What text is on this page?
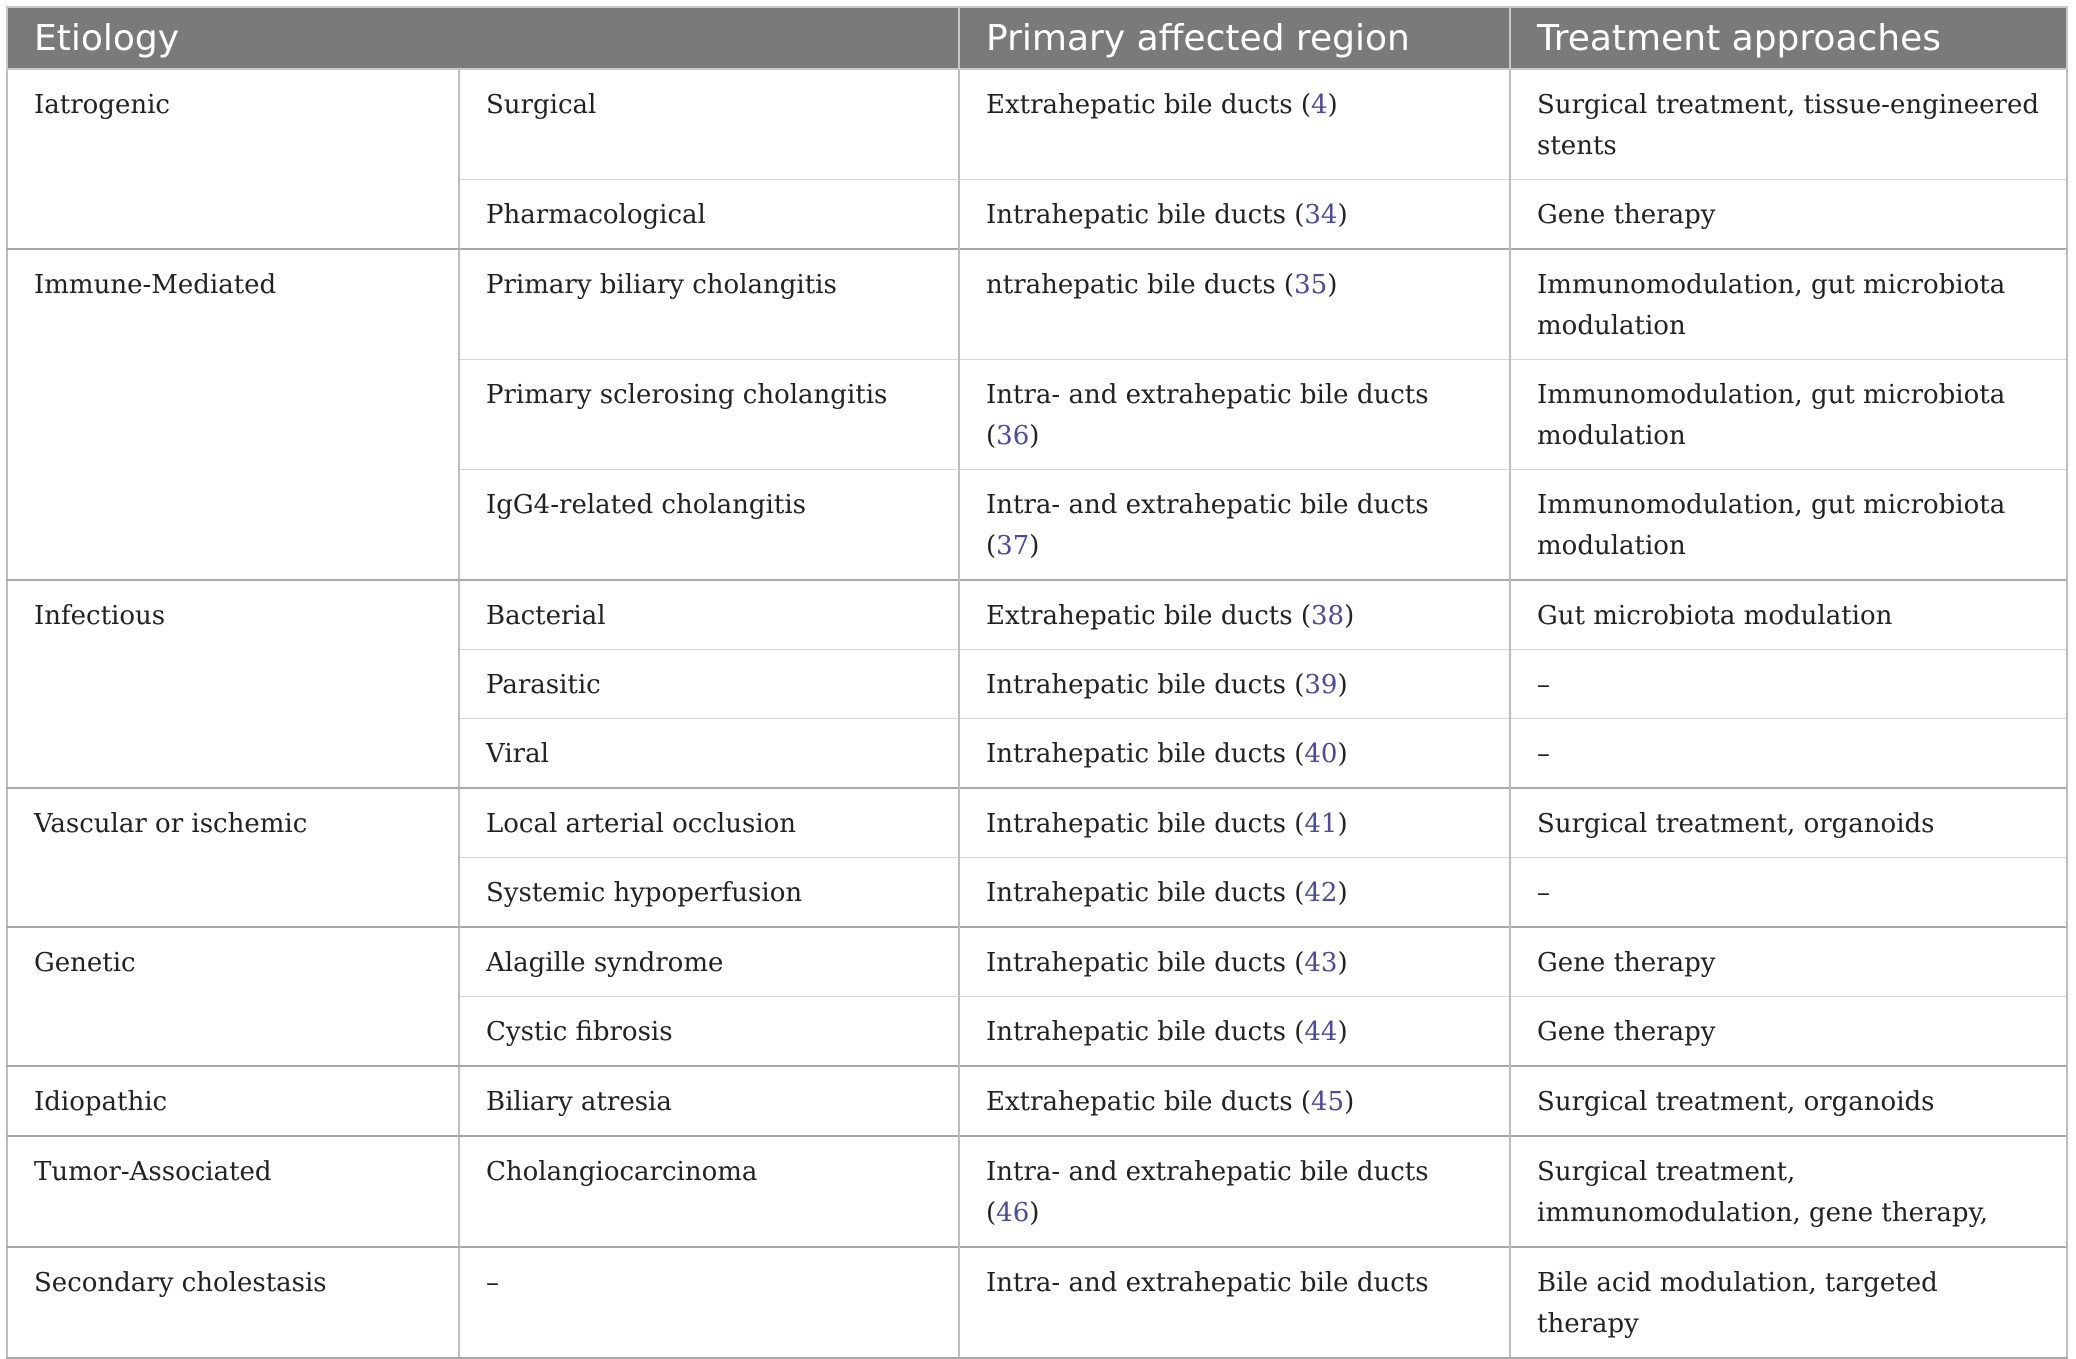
Etiology		Primary affected region	Treatment approaches
Iatrogenic	Surgical	Extrahepatic bile ducts (4)	Surgical treatment, tissue-engineered stents
	Pharmacological	Intrahepatic bile ducts (34)	Gene therapy
Immune-Mediated	Primary biliary cholangitis	ntrahepatic bile ducts (35)	Immunomodulation, gut microbiota modulation
	Primary sclerosing cholangitis	Intra- and extrahepatic bile ducts (36)	Immunomodulation, gut microbiota modulation
	IgG4-related cholangitis	Intra- and extrahepatic bile ducts (37)	Immunomodulation, gut microbiota modulation
Infectious	Bacterial	Extrahepatic bile ducts (38)	Gut microbiota modulation
	Parasitic	Intrahepatic bile ducts (39)	–
	Viral	Intrahepatic bile ducts (40)	–
Vascular or ischemic	Local arterial occlusion	Intrahepatic bile ducts (41)	Surgical treatment, organoids
	Systemic hypoperfusion	Intrahepatic bile ducts (42)	–
Genetic	Alagille syndrome	Intrahepatic bile ducts (43)	Gene therapy
	Cystic fibrosis	Intrahepatic bile ducts (44)	Gene therapy
Idiopathic	Biliary atresia	Extrahepatic bile ducts (45)	Surgical treatment, organoids
Tumor-Associated	Cholangiocarcinoma	Intra- and extrahepatic bile ducts (46)	Surgical treatment, immunomodulation, gene therapy,
Secondary cholestasis	–	Intra- and extrahepatic bile ducts	Bile acid modulation, targeted therapy
